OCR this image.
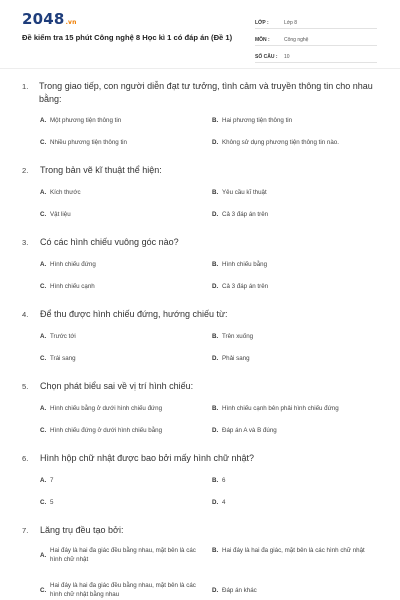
2048.vn
Đề kiểm tra 15 phút Công nghệ 8 Học kì 1 có đáp án (Đề 1)
LỚP :	Lớp 8
MÔN :	Công nghệ
SỐ CÂU :	10
1.	Trong giao tiếp, con người diễn đạt tư tưởng, tình cảm và truyền thông tin cho nhau bằng:
A. Một phương tiện thông tin	B. Hai phương tiện thông tin
C. Nhiều phương tiện thông tin	D. Không sử dụng phương tiện thông tin nào.
2.	Trong bản vẽ kĩ thuật thể hiện:
A. Kích thước	B. Yêu cầu kĩ thuật
C. Vật liệu	D. Cả 3 đáp án trên
3.	Có các hình chiếu vuông góc nào?
A. Hình chiếu đứng	B. Hình chiếu bằng
C. Hình chiếu cạnh	D. Cả 3 đáp án trên
4.	Để thu được hình chiếu đứng, hướng chiếu từ:
A. Trước tới	B. Trên xuống
C. Trái sang	D. Phải sang
5.	Chọn phát biểu sai về vị trí hình chiếu:
A. Hình chiếu bằng ở dưới hình chiếu đứng	B. Hình chiếu cạnh bên phải hình chiếu đứng
C. Hình chiếu đứng ở dưới hình chiếu bằng	D. Đáp án A và B đúng
6.	Hình hộp chữ nhật được bao bởi mấy hình chữ nhật?
A. 7	B. 6
C. 5	D. 4
7.	Lăng trụ đều tạo bởi:
A.
Hai đáy là hai đa giác đều bằng nhau, mặt bên là các hình chữ nhật
B. Hai đáy là hai đa giác, mặt bên là các hình chữ nhật
C.
Hai đáy là hai đa giác đều bằng nhau, mặt bên là các hình chữ nhật bằng nhau
D. Đáp án khác
